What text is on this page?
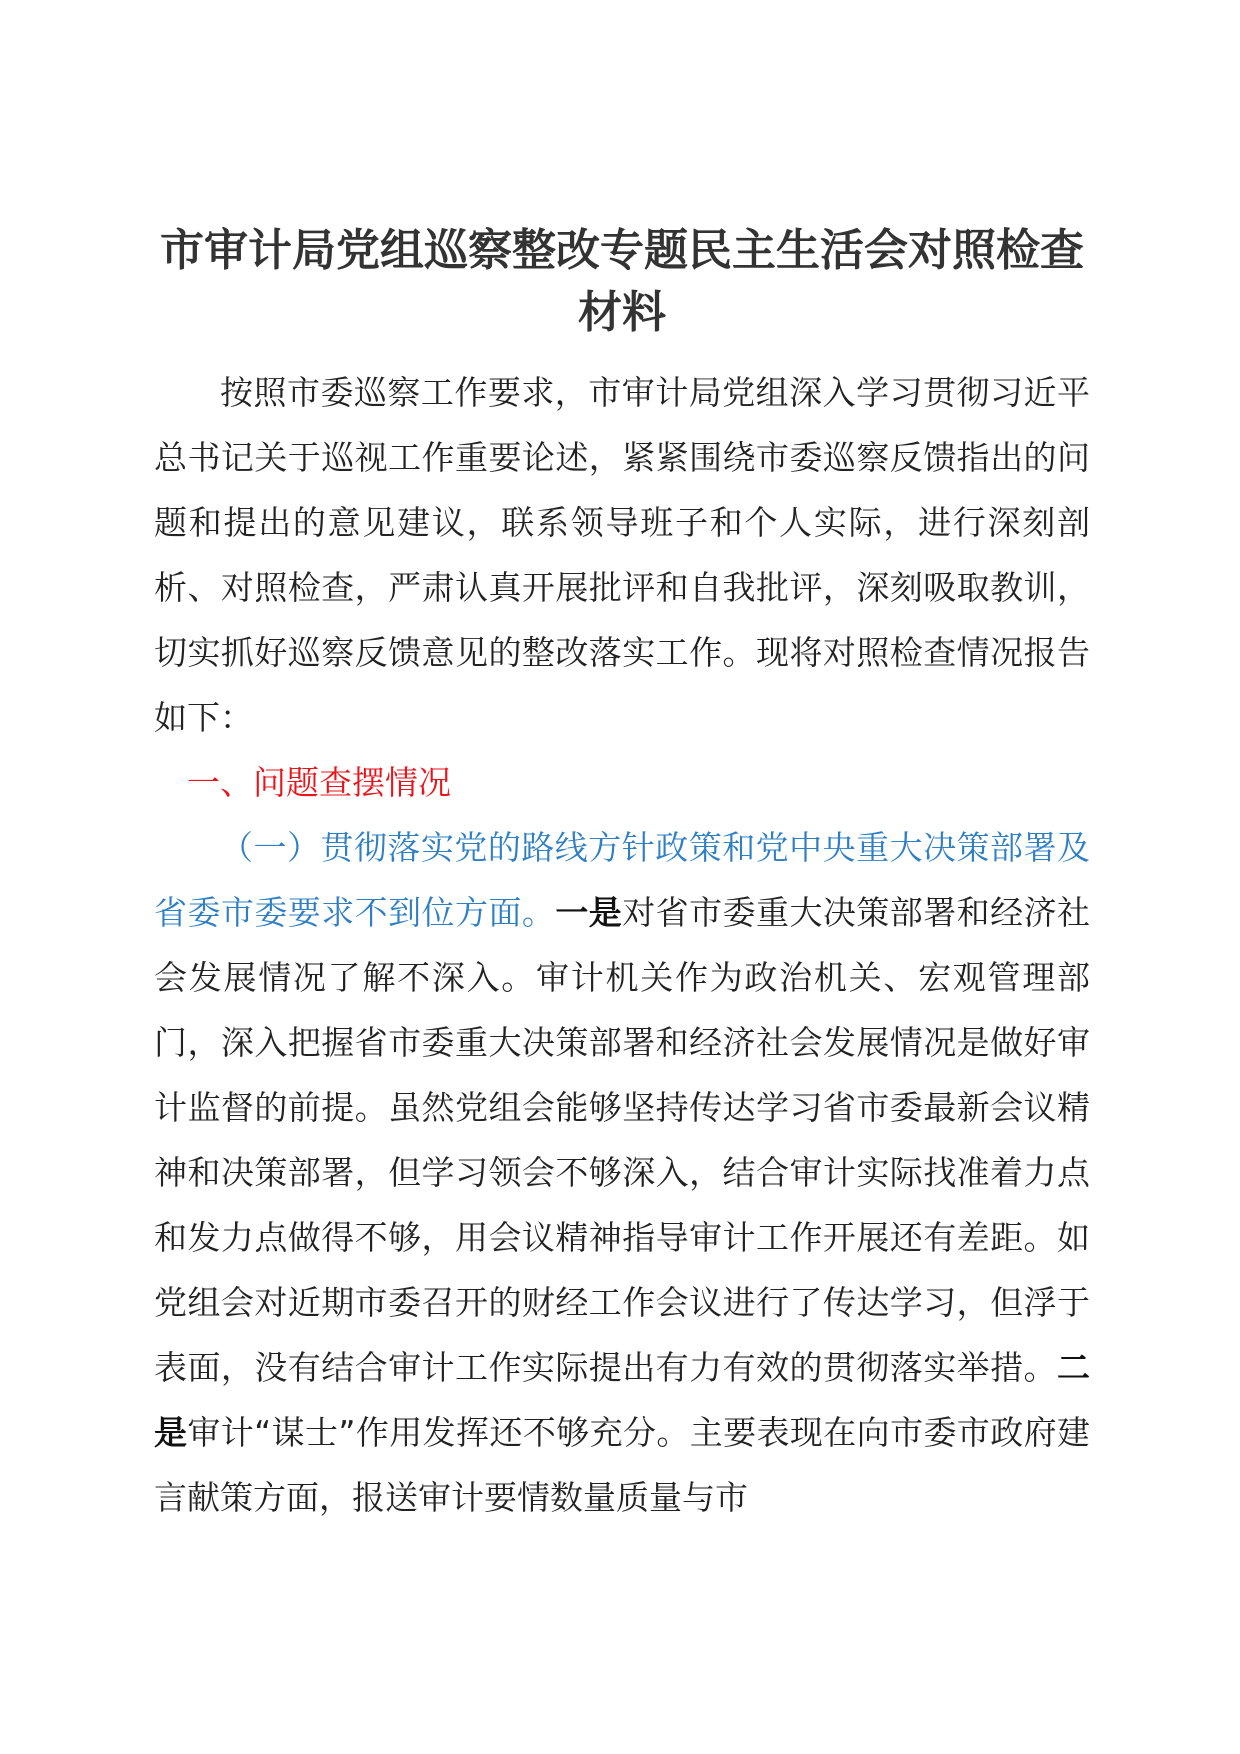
市审计局党组巡察整改专题民主生活会对照检查材料

按照市委巡察工作要求，市审计局党组深入学习贯彻习近平总书记关于巡视工作重要论述，紧紧围绕市委巡察反馈指出的问题和提出的意见建议，联系领导班子和个人实际，进行深刻剖析、对照检查，严肃认真开展批评和自我批评，深刻吸取教训，切实抓好巡察反馈意见的整改落实工作。现将对照检查情况报告如下：

一、问题查摆情况

（一）贯彻落实党的路线方针政策和党中央重大决策部署及省委市委要求不到位方面。一是对省市委重大决策部署和经济社会发展情况了解不深入。审计机关作为政治机关、宏观管理部门，深入把握省市委重大决策部署和经济社会发展情况是做好审计监督的前提。虽然党组会能够坚持传达学习省市委最新会议精神和决策部署，但学习领会不够深入，结合审计实际找准着力点和发力点做得不够，用会议精神指导审计工作开展还有差距。如党组会对近期市委召开的财经工作会议进行了传达学习，但浮于表面，没有结合审计工作实际提出有力有效的贯彻落实举措。二是审计“谋士”作用发挥还不够充分。主要表现在向市委市政府建言献策方面，报送审计要情数量质量与市
